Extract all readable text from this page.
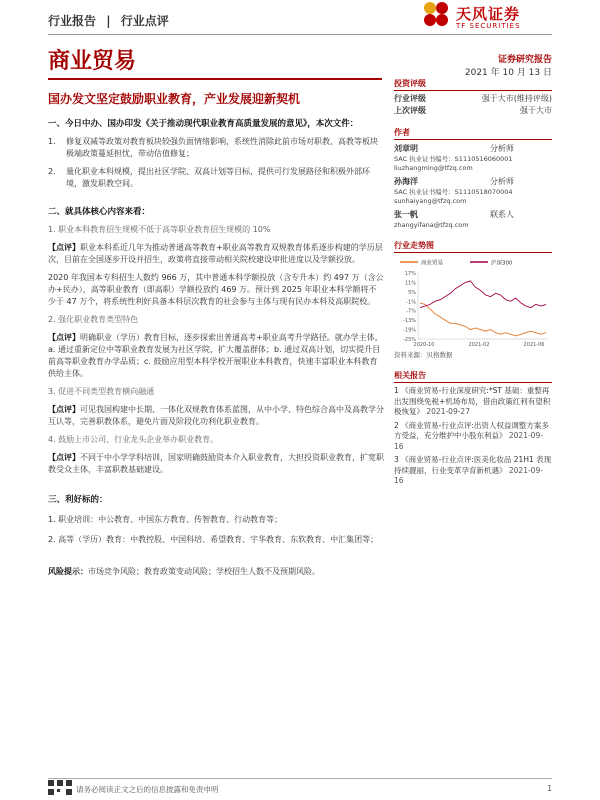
行业报告 | 行业点评	天风证券
TF SECURITIES
商业贸易	证券研究报告
2021 年 10 月 13 日
国办发文坚定鼓励职业教育，产业发展迎新契机

一、今日中办、国办印发《关于推动现代职业教育高质量发展的意见》，本次文件：

1.	修复双减等政策对教育板块较强负面情绪影响，系统性消除此前市场对职教、高教等板块极端政策蔓延担忧，带动估值修复；
2.	量化职业本科规模，提出社区学院、双高计划等目标，提供可行发展路径和积极外部环境，激发职教空间。

二、就具体核心内容来看：

1. 职业本科教育招生规模不低于高等职业教育招生规模的 10%

【点评】职业本科系近几年为推动普通高等教育+职业高等教育双规教育体系逐步构建的学历层次，目前在全国逐步开设并招生，政策将直接带动相关院校建设审批进度以及学额投放。

2020 年我国本专科招生人数约 966 万，其中普通本科学额投放（含专升本）约 497 万（含公办+民办），高等职业教育（即高职）学额投放约 469 万。预计到 2025 年职业本科学额将不少于 47 万个，将系统性利好具备本科层次教育的社会参与主体与现有民办本科及高职院校。

2. 强化职业教育类型特色

【点评】明确职业（学历）教育目标，逐步探索出普通高考+职业高考升学路径。就办学主体，a. 通过重新定位中等职业教育发展为社区学院，扩大覆盖群体；b. 通过双高计划，切实提升目前高等职业教育办学品质；c. 鼓励应用型本科学校开展职业本科教育，快速丰富职业本科教育供给主体。

3. 促进不同类型教育横向融通

【点评】可见我国构建中长期、一体化双规教育体系蓝图，从中小学、特色综合高中及高教学分互认等，完善职教体系，避免片面及阶段化功利化职业教育。

4. 鼓励上市公司、行业龙头企业举办职业教育。

【点评】不同于中小学学科培训，国家明确鼓励资本介入职业教育，大担投资职业教育，扩宽职教受众主体，丰富职教基础建设。

三、利好标的：

1. 职业培训：中公教育、中国东方教育、传智教育、行动教育等；

2. 高等（学历）教育：中教控股、中国科培、希望教育、宇华教育、东软教育、中汇集团等；

风险提示：市场竞争风险；教育政策变动风险；学校招生人数不及预期风险。

投资评级
行业评级	强于大市(维持评级)
上次评级	强于大市
作者
刘章明	分析师
SAC 执业证书编号：S1110516060001
liuzhangming@tfzq.com
孙海洋	分析师
SAC 执业证书编号：S1110518070004
sunhaiyang@tfzq.com
张一帆	联系人
zhangyifana@tfzq.com
行业走势图
商业贸易	沪深300
17%
11%
5%
-1%
-7%
-13%
-19%
-25%
2020-10	2021-02	2021-06
资料来源：贝格数据
相关报告
1 《商业贸易-行业深度研究:*ST 基础：重整再出发围绕免税+机场布局，借由政策红利有望积极恢复》 2021-09-27
2 《商业贸易-行业点评:出资人权益调整方案多方受益，充分维护中小股东利益》 2021-09-16
3 《商业贸易-行业点评:医美化妆品 21H1 表现持续靓丽，行业变革孕育新机遇》 2021-09-16
请务必阅读正文之后的信息披露和免责申明	1
